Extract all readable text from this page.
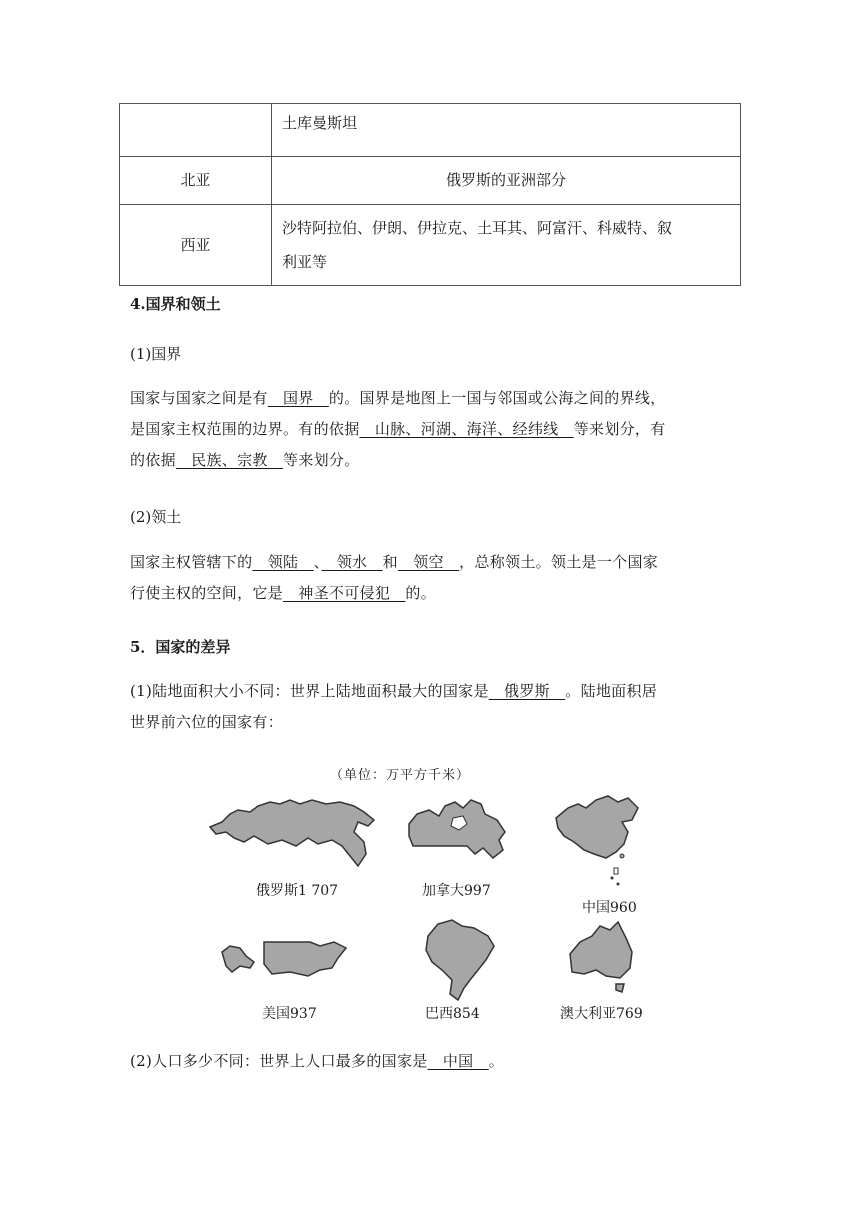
	土库曼斯坦
北亚	俄罗斯的亚洲部分
西亚	沙特阿拉伯、伊朗、伊拉克、土耳其、阿富汗、科威特、叙
利亚等
4.国界和领土
(1)国界
国家与国家之间是有　国界　的。国界是地图上一国与邻国或公海之间的界线，
是国家主权范围的边界。有的依据　山脉、河湖、海洋、经纬线　等来划分，有
的依据　民族、宗教　等来划分。
(2)领土
国家主权管辖下的　领陆　、　领水　和　领空　，总称领土。领土是一个国家
行使主权的空间，它是　神圣不可侵犯　的。
5．国家的差异
(1)陆地面积大小不同：世界上陆地面积最大的国家是　俄罗斯　。陆地面积居
世界前六位的国家有：
（单位：万平方千米）
俄罗斯1 707	加拿大997
中国960
美国937	巴西854	澳大利亚769
(2)人口多少不同：世界上人口最多的国家是　中国　。
